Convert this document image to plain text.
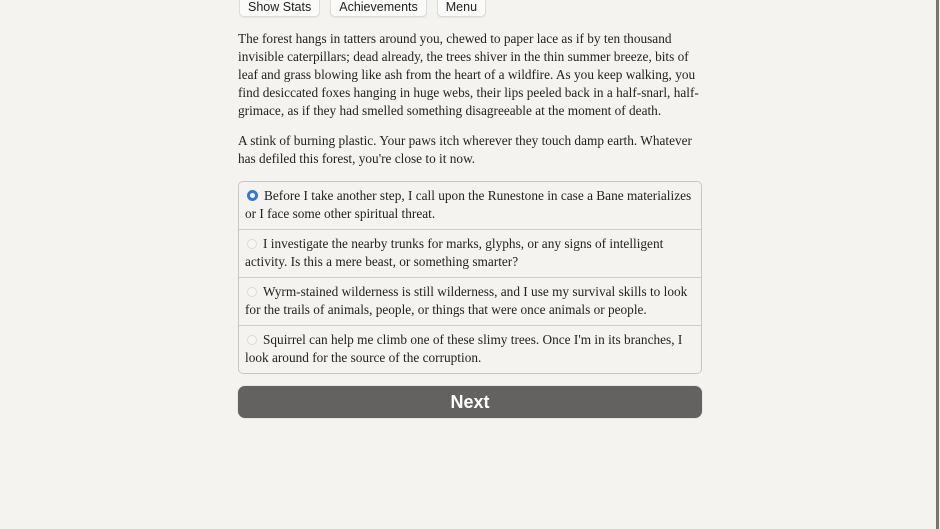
Show Stats	Achievements	Menu

The forest hangs in tatters around you, chewed to paper lace as if by ten thousand invisible caterpillars; dead already, the trees shiver in the thin summer breeze, bits of leaf and grass blowing like ash from the heart of a wildfire. As you keep walking, you find desiccated foxes hanging in huge webs, their lips peeled back in a half-snarl, half-grimace, as if they had smelled something disagreeable at the moment of death.

A stink of burning plastic. Your paws itch wherever they touch damp earth. Whatever has defiled this forest, you're close to it now.

Before I take another step, I call upon the Runestone in case a Bane materializes or I face some other spiritual threat.
I investigate the nearby trunks for marks, glyphs, or any signs of intelligent activity. Is this a mere beast, or something smarter?
Wyrm-stained wilderness is still wilderness, and I use my survival skills to look for the trails of animals, people, or things that were once animals or people.
Squirrel can help me climb one of these slimy trees. Once I'm in its branches, I look around for the source of the corruption.
Next
